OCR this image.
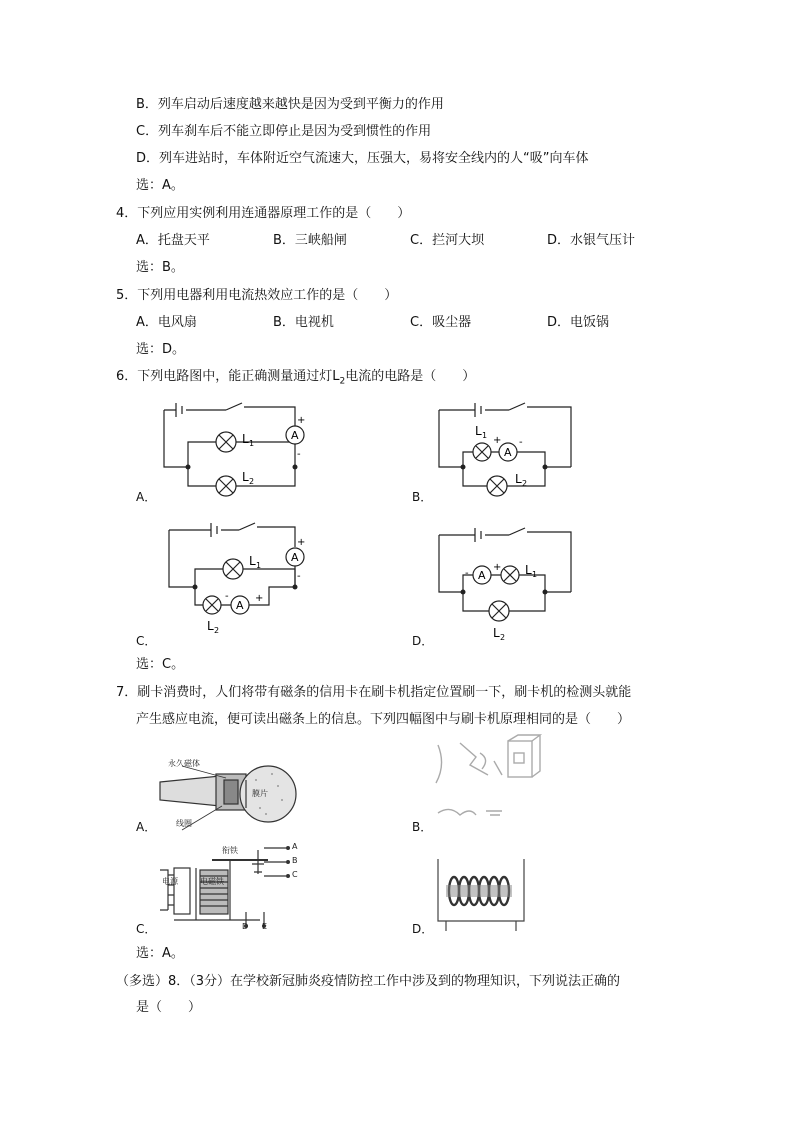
B．列车启动后速度越来越快是因为受到平衡力的作用
C．列车刹车后不能立即停止是因为受到惯性的作用
D．列车进站时，车体附近空气流速大，压强大，易将安全线内的人“吸”向车体
选：A。
4．下列应用实例利用连通器原理工作的是（　　）
A．托盘天平	B．三峡船闸	C．拦河大坝	D．水银气压计
选：B。
5．下列用电器利用电流热效应工作的是（　　）
A．电风扇	B．电视机	C．吸尘器	D．电饭锅
选：D。
6．下列电路图中，能正确测量通过灯$L_2$电流的电路是（　　）
A
+
-
L 1
L 2
A．
A
+ -
L 1
L 2
B．
A
+
-
A
-	+
L 1
L 2
C．
A
-
+ L 1
L 2
D．
选：C。
7．刷卡消费时，人们将带有磁条的信用卡在刷卡机指定位置刷一下，刷卡机的检测头就能
产生感应电流，便可读出磁条上的信息。下列四幅图中与刷卡机原理相同的是（　　）
永久磁体
线圈
膜片
A．	B．
衔铁
电源	电磁铁
A
B
C
D E
C．	D．
选：A。
（多选）8．（3分）在学校新冠肺炎疫情防控工作中涉及到的物理知识，下列说法正确的
是（　　）
